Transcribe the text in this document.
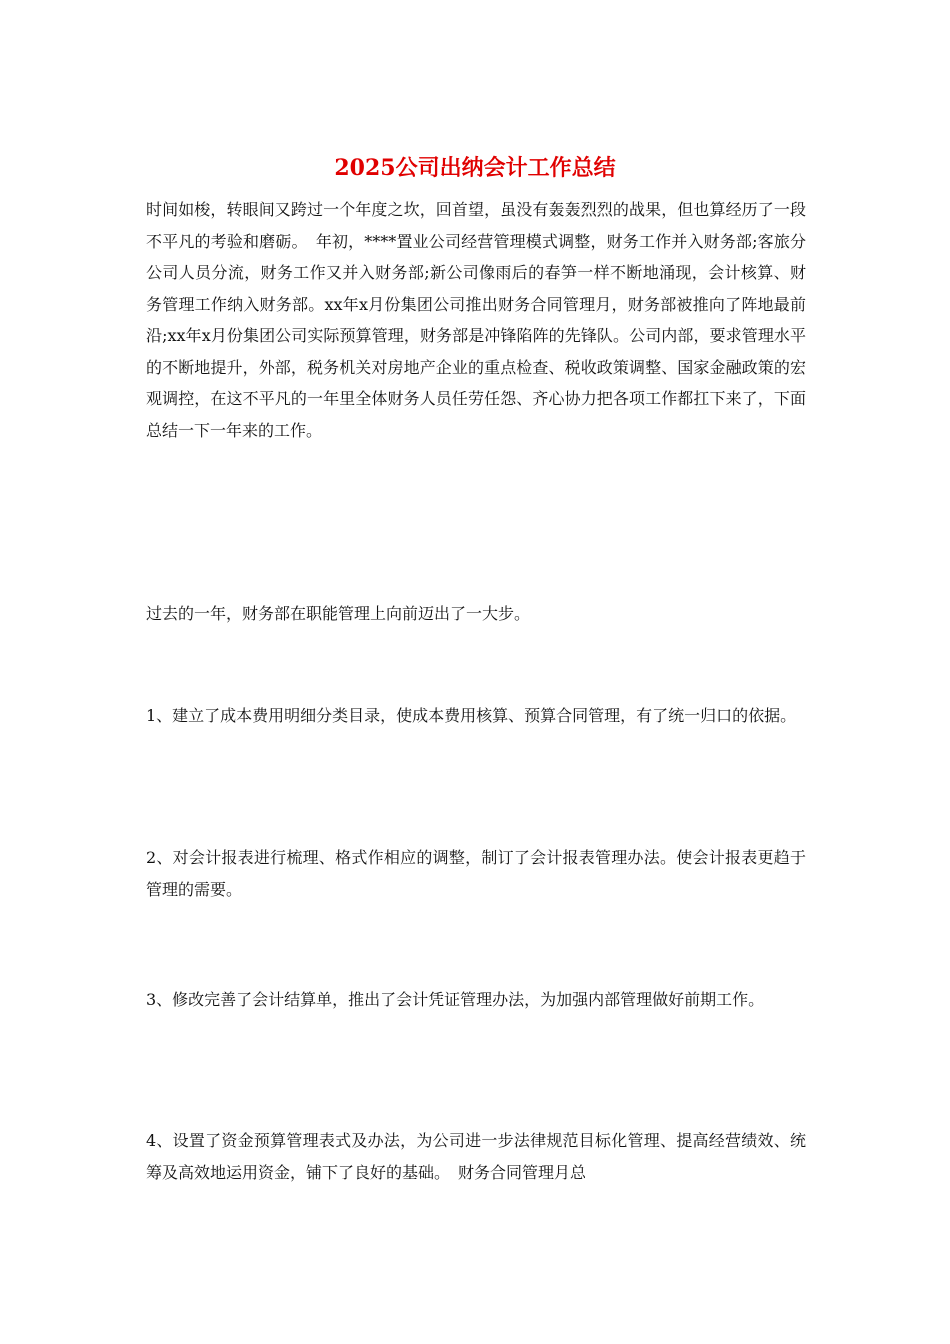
2025公司出纳会计工作总结

时间如梭，转眼间又跨过一个年度之坎，回首望，虽没有轰轰烈烈的战果，但也算经历了一段不平凡的考验和磨砺。　年初，****置业公司经营管理模式调整，财务工作并入财务部;客旅分公司人员分流，财务工作又并入财务部;新公司像雨后的春笋一样不断地涌现，会计核算、财务管理工作纳入财务部。xx年x月份集团公司推出财务合同管理月，财务部被推向了阵地最前沿;xx年x月份集团公司实际预算管理，财务部是冲锋陷阵的先锋队。公司内部，要求管理水平的不断地提升，外部，税务机关对房地产企业的重点检查、税收政策调整、国家金融政策的宏观调控，在这不平凡的一年里全体财务人员任劳任怨、齐心协力把各项工作都扛下来了，下面总结一下一年来的工作。

过去的一年，财务部在职能管理上向前迈出了一大步。

1、建立了成本费用明细分类目录，使成本费用核算、预算合同管理，有了统一归口的依据。

2、对会计报表进行梳理、格式作相应的调整，制订了会计报表管理办法。使会计报表更趋于管理的需要。

3、修改完善了会计结算单，推出了会计凭证管理办法，为加强内部管理做好前期工作。

4、设置了资金预算管理表式及办法，为公司进一步法律规范目标化管理、提高经营绩效、统筹及高效地运用资金，铺下了良好的基础。　财务合同管理月总
